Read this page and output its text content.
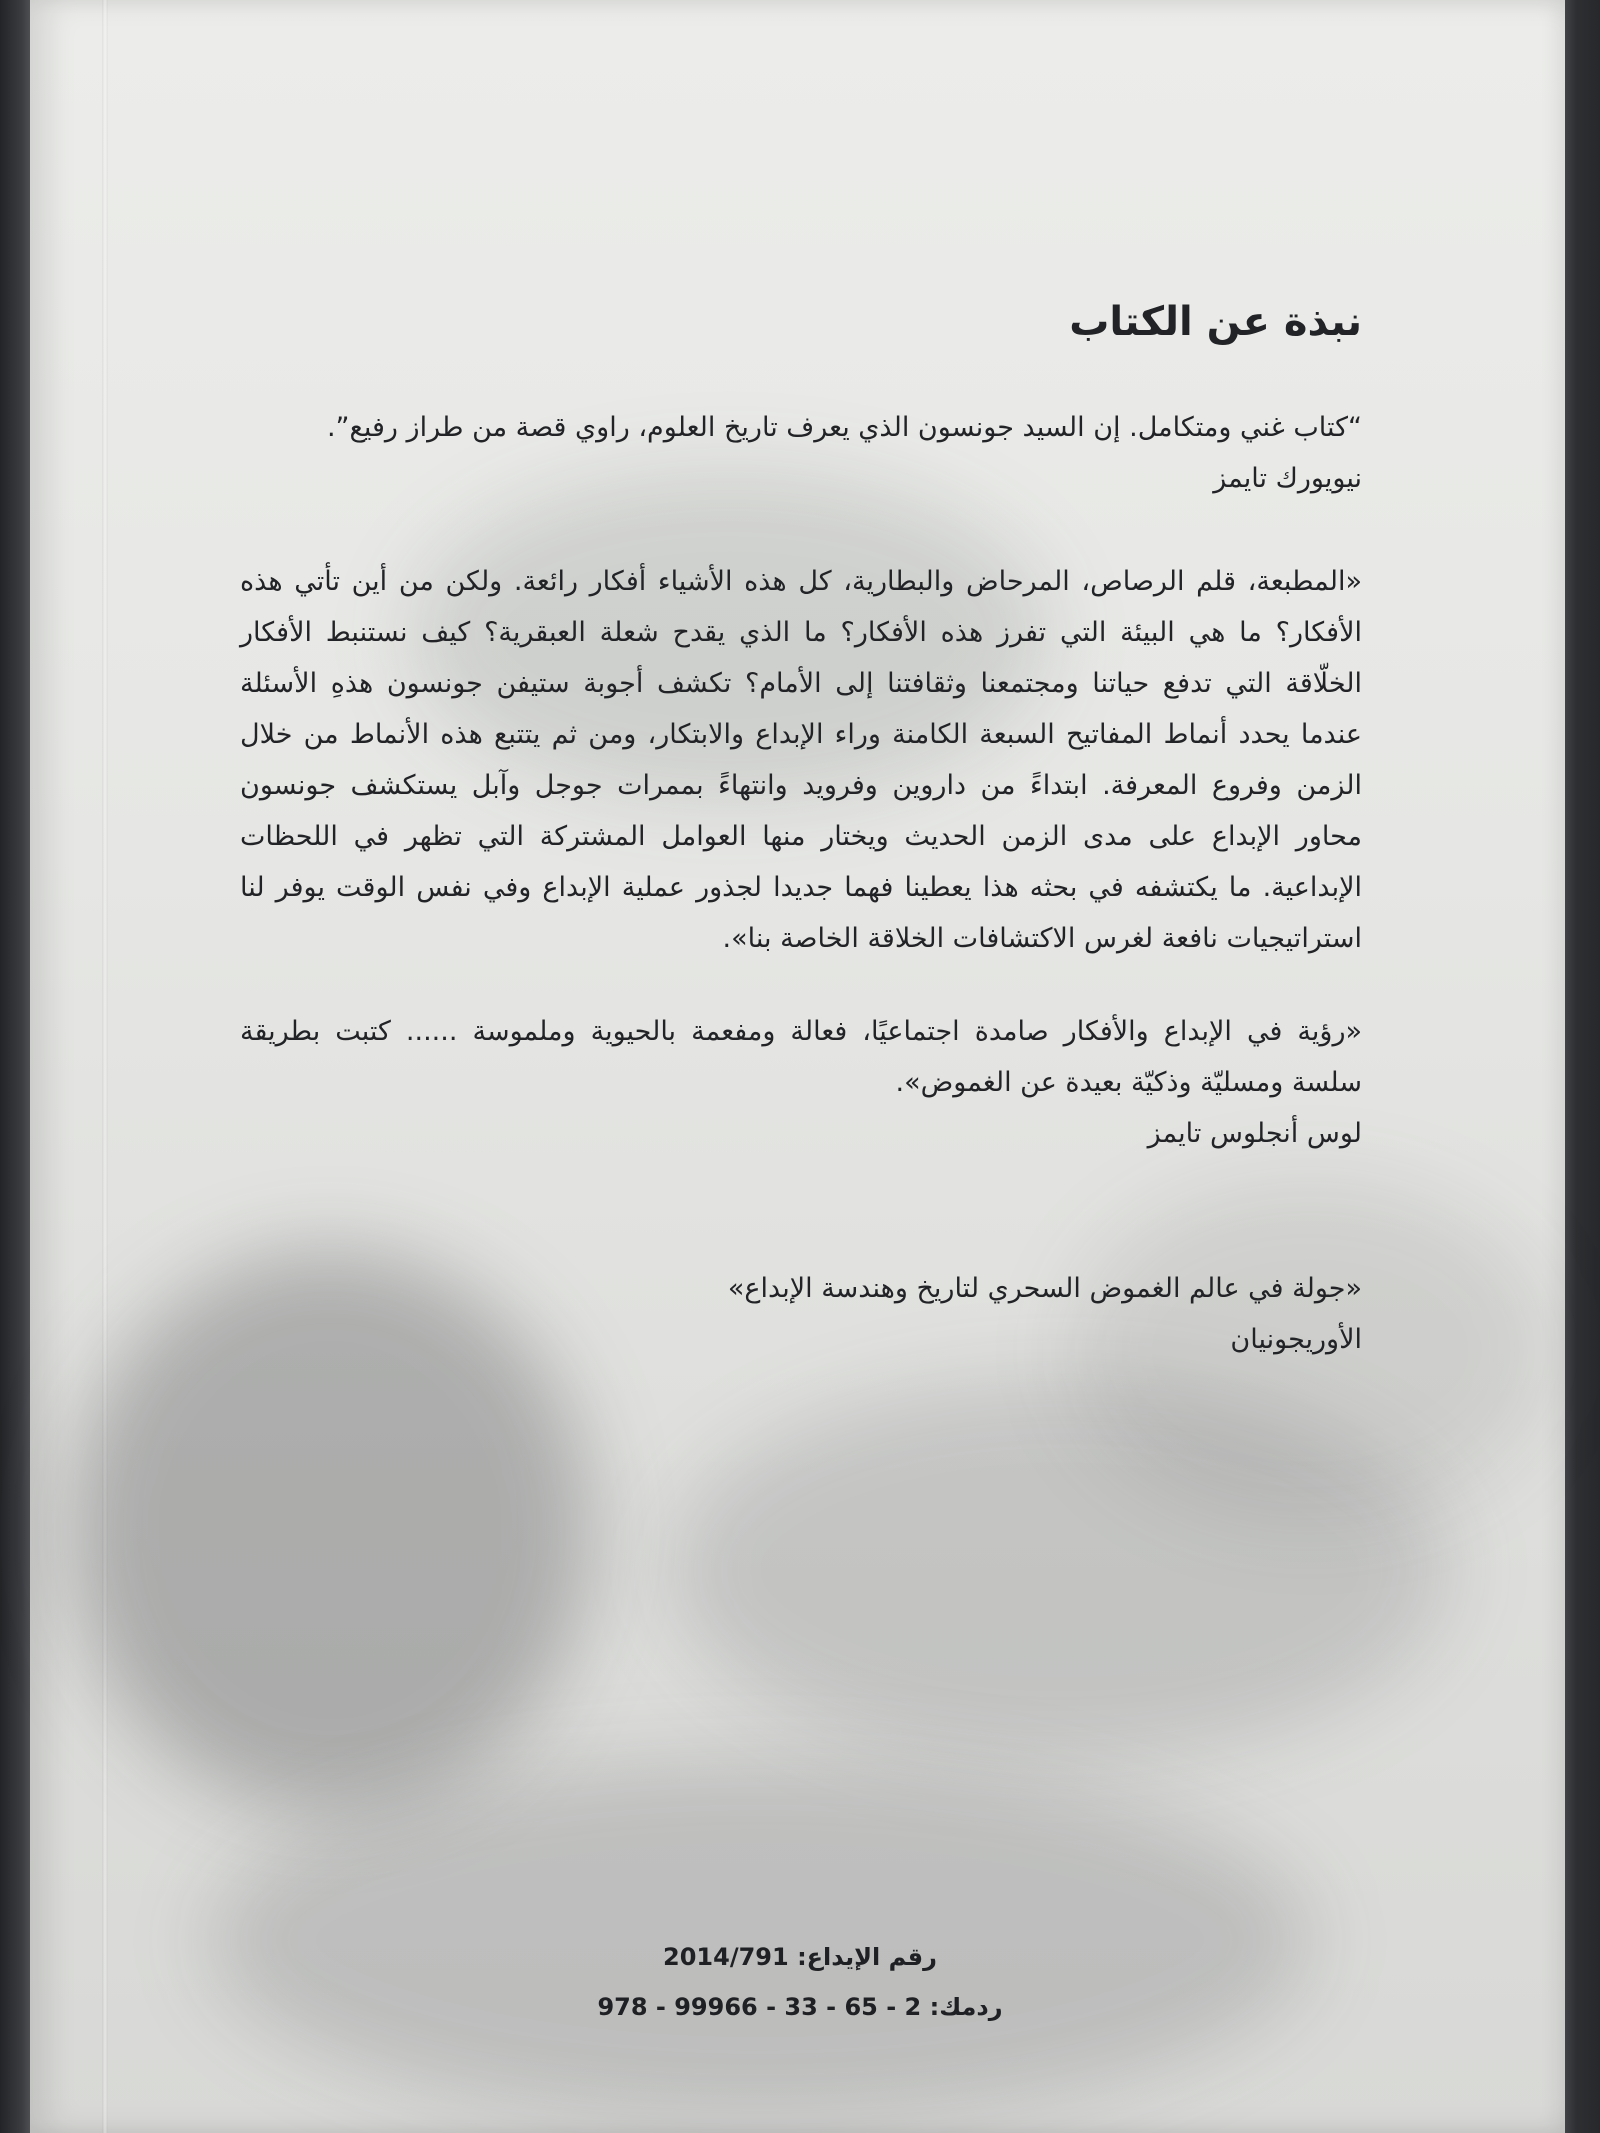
نبذة عن الكتاب
“كتاب غني ومتكامل. إن السيد جونسون الذي يعرف تاريخ العلوم، راوي قصة من طراز رفيع”.
نيويورك تايمز
«المطبعة، قلم الرصاص، المرحاض والبطارية، كل هذه الأشياء أفكار رائعة. ولكن من أين تأتي هذه الأفكار؟ ما هي البيئة التي تفرز هذه الأفكار؟ ما الذي يقدح شعلة العبقرية؟ كيف نستنبط الأفكار الخلّاقة التي تدفع حياتنا ومجتمعنا وثقافتنا إلى الأمام؟ تكشف أجوبة ستيفن جونسون هذهِ الأسئلة عندما يحدد أنماط المفاتيح السبعة الكامنة وراء الإبداع والابتكار، ومن ثم يتتبع هذه الأنماط من خلال الزمن وفروع المعرفة. ابتداءً من داروين وفرويد وانتهاءً بممرات جوجل وآبل يستكشف جونسون محاور الإبداع على مدى الزمن الحديث ويختار منها العوامل المشتركة التي تظهر في اللحظات الإبداعية. ما يكتشفه في بحثه هذا يعطينا فهما جديدا لجذور عملية الإبداع وفي نفس الوقت يوفر لنا استراتيجيات نافعة لغرس الاكتشافات الخلاقة الخاصة بنا».
«رؤية في الإبداع والأفكار صامدة اجتماعيًا، فعالة ومفعمة بالحيوية وملموسة ...... كتبت بطريقة سلسة ومسليّة وذكيّة بعيدة عن الغموض».
لوس أنجلوس تايمز
«جولة في عالم الغموض السحري لتاريخ وهندسة الإبداع»
الأوريجونيان
رقم الإيداع: 2014/791
ردمك: 978 - 99966 - 33 - 65 - 2
